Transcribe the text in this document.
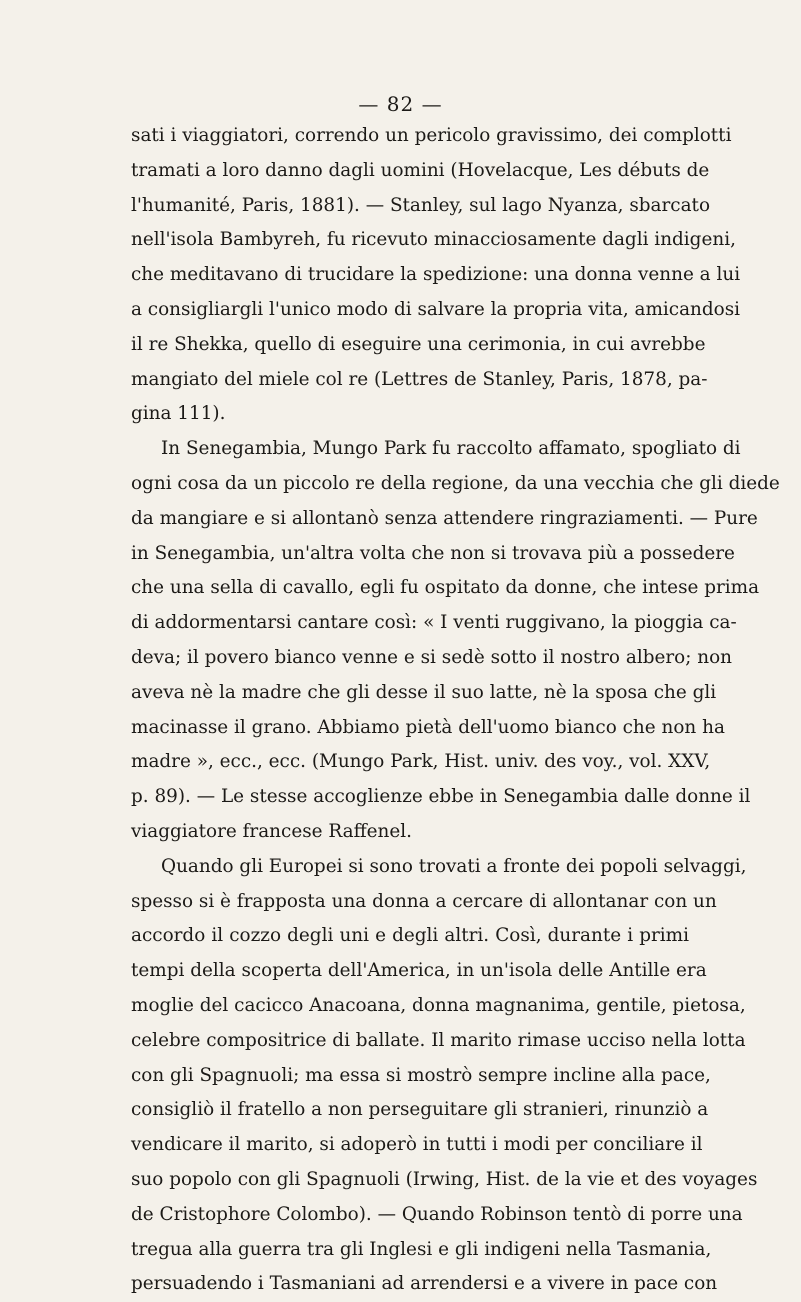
— 82 —
sati i viaggiatori, correndo un pericolo gravissimo, dei complotti
tramati a loro danno dagli uomini (Hovelacque, Les débuts de
l'humanité, Paris, 1881). — Stanley, sul lago Nyanza, sbarcato
nell'isola Bambyreh, fu ricevuto minacciosamente dagli indigeni,
che meditavano di trucidare la spedizione: una donna venne a lui
a consigliargli l'unico modo di salvare la propria vita, amicandosi
il re Shekka, quello di eseguire una cerimonia, in cui avrebbe
mangiato del miele col re (Lettres de Stanley, Paris, 1878, pa-
gina 111).
In Senegambia, Mungo Park fu raccolto affamato, spogliato di
ogni cosa da un piccolo re della regione, da una vecchia che gli diede
da mangiare e si allontanò senza attendere ringraziamenti. — Pure
in Senegambia, un'altra volta che non si trovava più a possedere
che una sella di cavallo, egli fu ospitato da donne, che intese prima
di addormentarsi cantare così: « I venti ruggivano, la pioggia ca-
deva; il povero bianco venne e si sedè sotto il nostro albero; non
aveva nè la madre che gli desse il suo latte, nè la sposa che gli
macinasse il grano. Abbiamo pietà dell'uomo bianco che non ha
madre », ecc., ecc. (Mungo Park, Hist. univ. des voy., vol. XXV,
p. 89). — Le stesse accoglienze ebbe in Senegambia dalle donne il
viaggiatore francese Raffenel.
Quando gli Europei si sono trovati a fronte dei popoli selvaggi,
spesso si è frapposta una donna a cercare di allontanar con un
accordo il cozzo degli uni e degli altri. Così, durante i primi
tempi della scoperta dell'America, in un'isola delle Antille era
moglie del cacicco Anacoana, donna magnanima, gentile, pietosa,
celebre compositrice di ballate. Il marito rimase ucciso nella lotta
con gli Spagnuoli; ma essa si mostrò sempre incline alla pace,
consigliò il fratello a non perseguitare gli stranieri, rinunziò a
vendicare il marito, si adoperò in tutti i modi per conciliare il
suo popolo con gli Spagnuoli (Irwing, Hist. de la vie et des voyages
de Cristophore Colombo). — Quando Robinson tentò di porre una
tregua alla guerra tra gli Inglesi e gli indigeni nella Tasmania,
persuadendo i Tasmaniani ad arrendersi e a vivere in pace con
